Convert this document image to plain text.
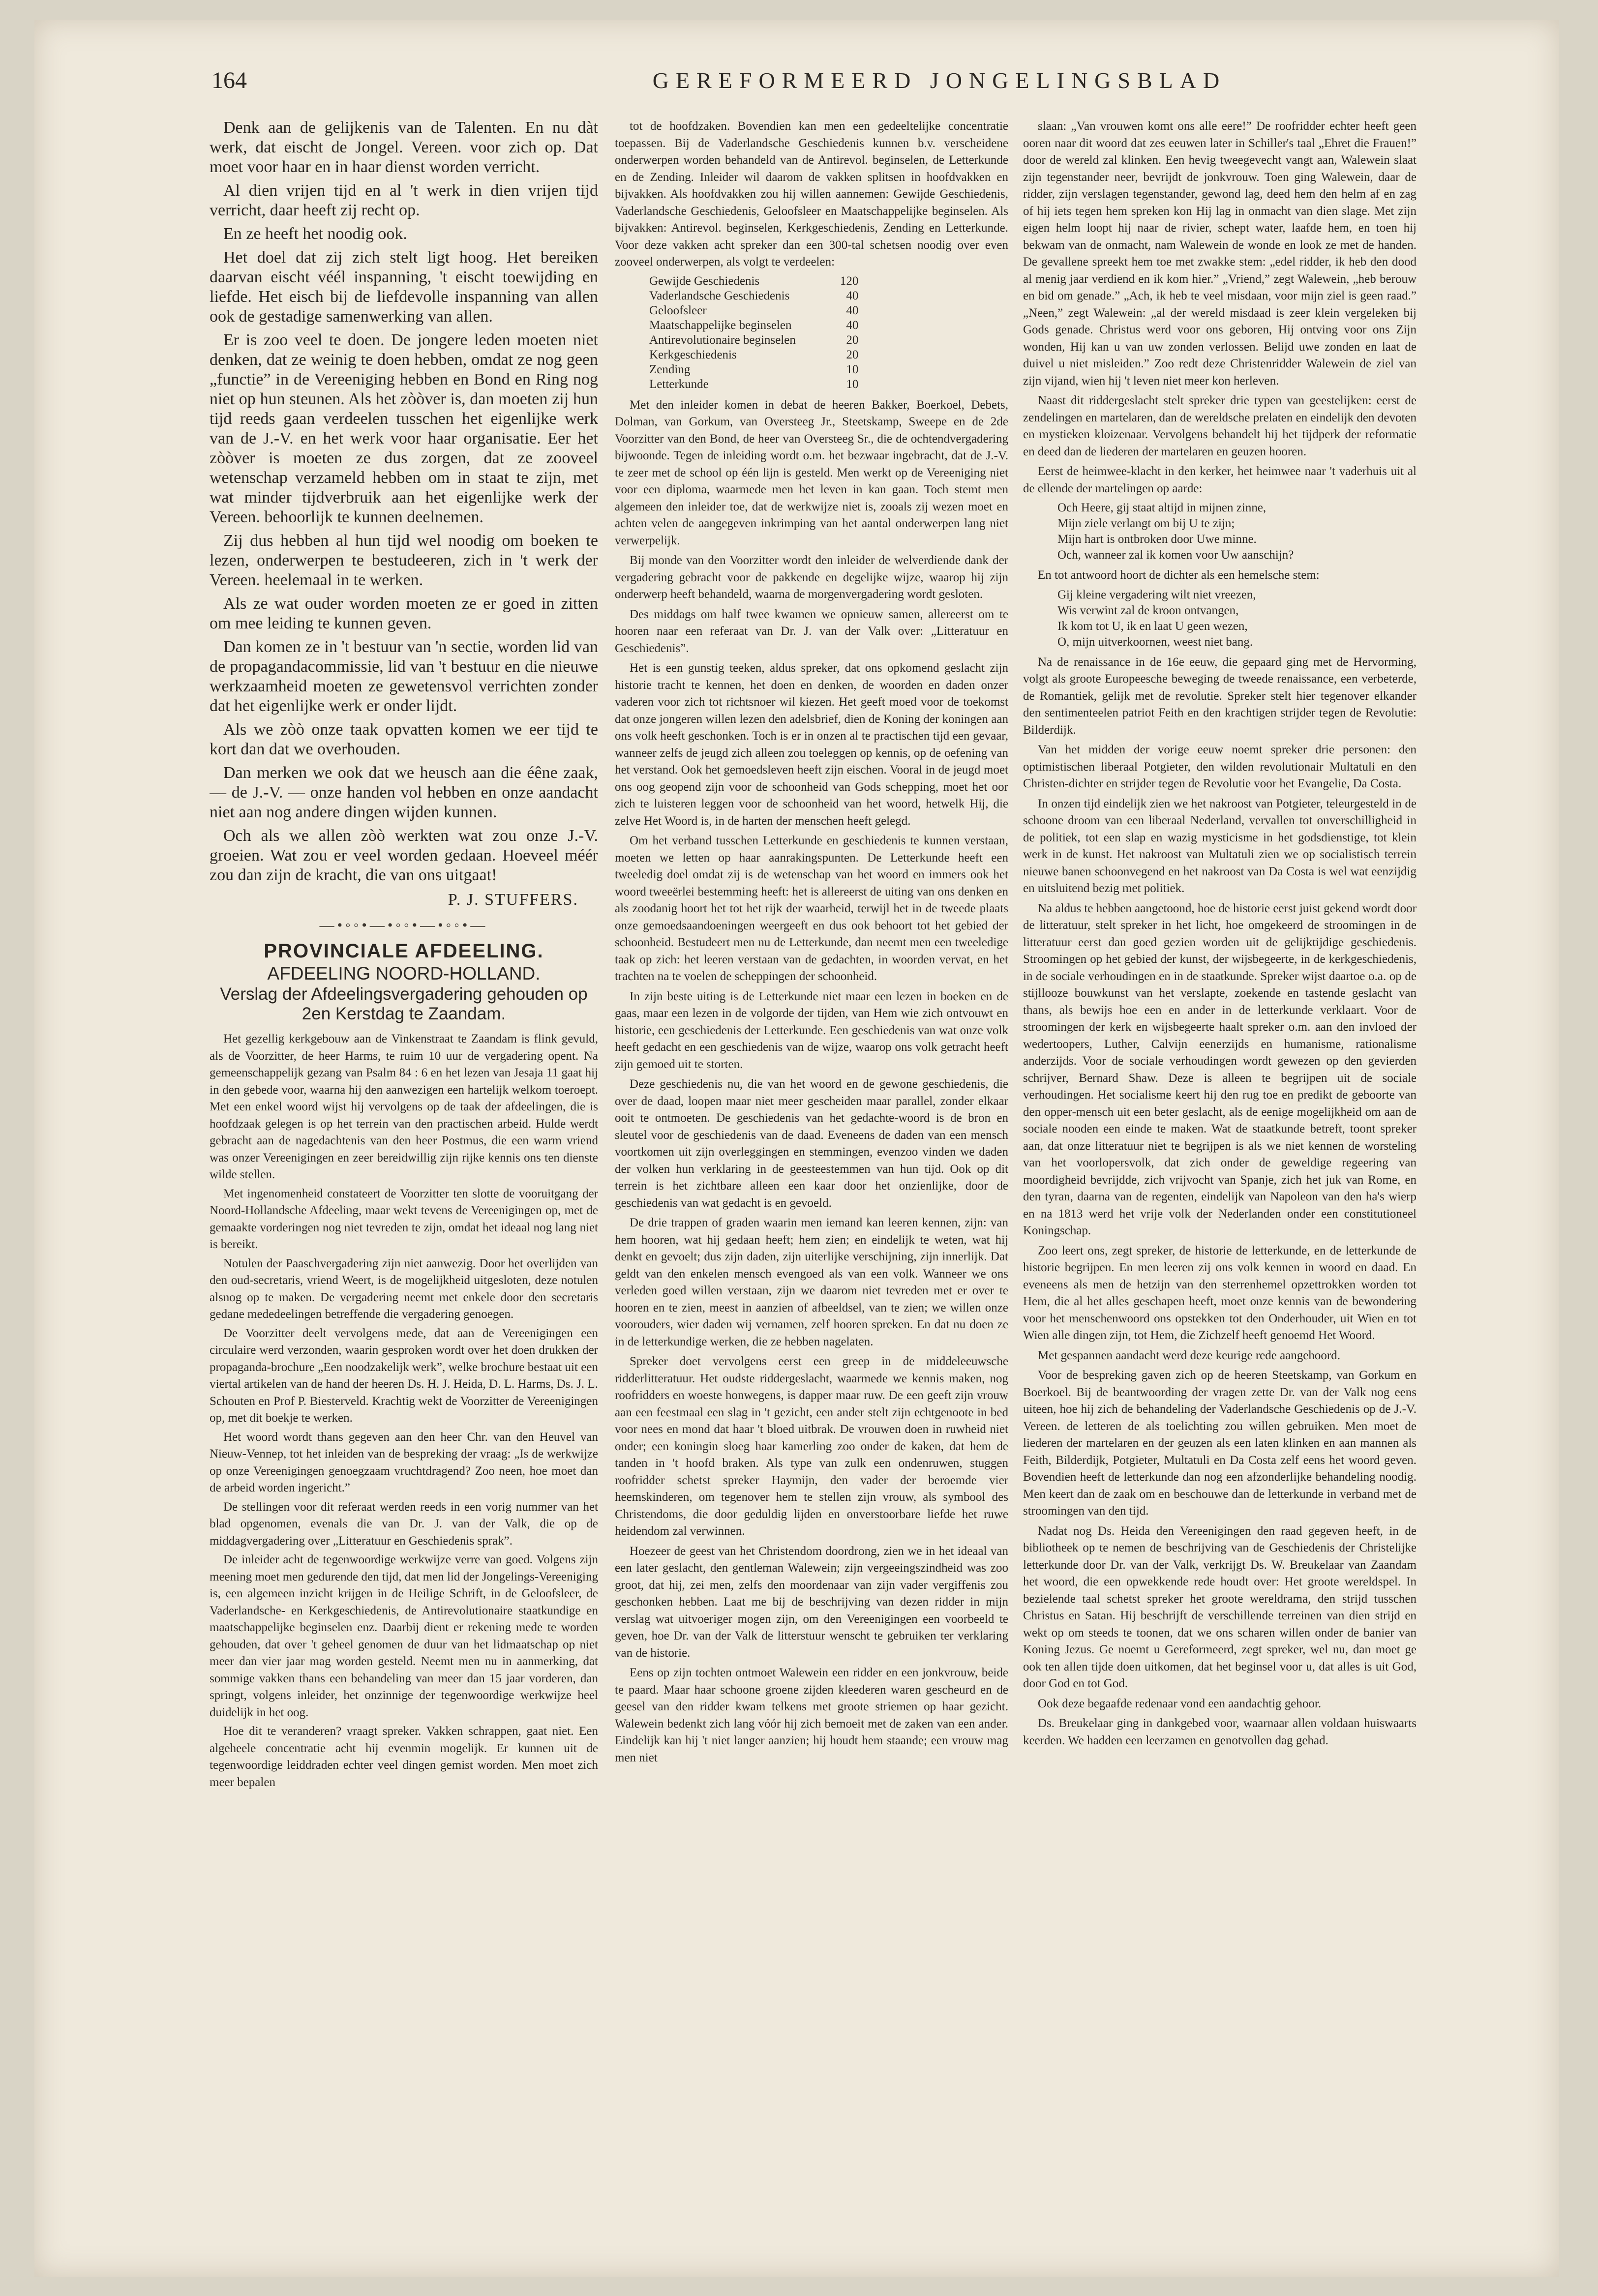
164	GEREFORMEERD JONGELINGSBLAD

Denk aan de gelijkenis van de Talenten. En nu dàt werk, dat eischt de Jongel. Vereen. voor zich op. Dat moet voor haar en in haar dienst worden verricht.

Al dien vrijen tijd en al 't werk in dien vrijen tijd verricht, daar heeft zij recht op.

En ze heeft het noodig ook.

Het doel dat zij zich stelt ligt hoog. Het bereiken daarvan eischt véél inspanning, 't eischt toewijding en liefde. Het eisch bij de liefdevolle inspanning van allen ook de gestadige samenwerking van allen.

Er is zoo veel te doen. De jongere leden moeten niet denken, dat ze weinig te doen hebben, omdat ze nog geen „functie” in de Vereeniging hebben en Bond en Ring nog niet op hun steunen. Als het zòòver is, dan moeten zij hun tijd reeds gaan verdeelen tusschen het eigenlijke werk van de J.-V. en het werk voor haar organisatie. Eer het zòòver is moeten ze dus zorgen, dat ze zooveel wetenschap verzameld hebben om in staat te zijn, met wat minder tijdverbruik aan het eigenlijke werk der Vereen. behoorlijk te kunnen deelnemen.

Zij dus hebben al hun tijd wel noodig om boeken te lezen, onderwerpen te bestudeeren, zich in 't werk der Vereen. heelemaal in te werken.

Als ze wat ouder worden moeten ze er goed in zitten om mee leiding te kunnen geven.

Dan komen ze in 't bestuur van 'n sectie, worden lid van de propagandacommissie, lid van 't bestuur en die nieuwe werkzaamheid moeten ze gewetensvol verrichten zonder dat het eigenlijke werk er onder lijdt.

Als we zòò onze taak opvatten komen we eer tijd te kort dan dat we overhouden.

Dan merken we ook dat we heusch aan die éêne zaak, — de J.-V. — onze handen vol hebben en onze aandacht niet aan nog andere dingen wijden kunnen.

Och als we allen zòò werkten wat zou onze J.-V. groeien. Wat zou er veel worden gedaan. Hoeveel méér zou dan zijn de kracht, die van ons uitgaat!

P. J. STUFFERS.
—•◦◦•—•◦◦•—•◦◦•—
PROVINCIALE AFDEELING.
AFDEELING NOORD-HOLLAND.
Verslag der Afdeelingsvergadering gehouden op 2en Kerstdag te Zaandam.

Het gezellig kerkgebouw aan de Vinkenstraat te Zaandam is flink gevuld, als de Voorzitter, de heer Harms, te ruim 10 uur de vergadering opent. Na gemeenschappelijk gezang van Psalm 84 : 6 en het lezen van Jesaja 11 gaat hij in den gebede voor, waarna hij den aanwezigen een hartelijk welkom toeroept. Met een enkel woord wijst hij vervolgens op de taak der afdeelingen, die is hoofdzaak gelegen is op het terrein van den practischen arbeid. Hulde werdt gebracht aan de nagedachtenis van den heer Postmus, die een warm vriend was onzer Vereenigingen en zeer bereidwillig zijn rijke kennis ons ten dienste wilde stellen.

Met ingenomenheid constateert de Voorzitter ten slotte de vooruitgang der Noord-Hollandsche Afdeeling, maar wekt tevens de Vereenigingen op, met de gemaakte vorderingen nog niet tevreden te zijn, omdat het ideaal nog lang niet is bereikt.

Notulen der Paaschvergadering zijn niet aanwezig. Door het overlijden van den oud-secretaris, vriend Weert, is de mogelijkheid uitgesloten, deze notulen alsnog op te maken. De vergadering neemt met enkele door den secretaris gedane mededeelingen betreffende die vergadering genoegen.

De Voorzitter deelt vervolgens mede, dat aan de Vereenigingen een circulaire werd verzonden, waarin gesproken wordt over het doen drukken der propaganda-brochure „Een noodzakelijk werk”, welke brochure bestaat uit een viertal artikelen van de hand der heeren Ds. H. J. Heida, D. L. Harms, Ds. J. L. Schouten en Prof P. Biesterveld. Krachtig wekt de Voorzitter de Vereenigingen op, met dit boekje te werken.

Het woord wordt thans gegeven aan den heer Chr. van den Heuvel van Nieuw-Vennep, tot het inleiden van de bespreking der vraag: „Is de werkwijze op onze Vereenigingen genoegzaam vruchtdragend? Zoo neen, hoe moet dan de arbeid worden ingericht.”

De stellingen voor dit referaat werden reeds in een vorig nummer van het blad opgenomen, evenals die van Dr. J. van der Valk, die op de middagvergadering over „Litteratuur en Geschiedenis sprak”.

De inleider acht de tegenwoordige werkwijze verre van goed. Volgens zijn meening moet men gedurende den tijd, dat men lid der Jongelings-Vereeniging is, een algemeen inzicht krijgen in de Heilige Schrift, in de Geloofsleer, de Vaderlandsche- en Kerkgeschiedenis, de Antirevolutionaire staatkundige en maatschappelijke beginselen enz. Daarbij dient er rekening mede te worden gehouden, dat over 't geheel genomen de duur van het lidmaatschap op niet meer dan vier jaar mag worden gesteld. Neemt men nu in aanmerking, dat sommige vakken thans een behandeling van meer dan 15 jaar vorderen, dan springt, volgens inleider, het onzinnige der tegenwoordige werkwijze heel duidelijk in het oog.

Hoe dit te veranderen? vraagt spreker. Vakken schrappen, gaat niet. Een algeheele concentratie acht hij evenmin mogelijk. Er kunnen uit de tegenwoordige leiddraden echter veel dingen gemist worden. Men moet zich meer bepalen

tot de hoofdzaken. Bovendien kan men een gedeeltelijke concentratie toepassen. Bij de Vaderlandsche Geschiedenis kunnen b.v. verscheidene onderwerpen worden behandeld van de Antirevol. beginselen, de Letterkunde en de Zending. Inleider wil daarom de vakken splitsen in hoofdvakken en bijvakken. Als hoofdvakken zou hij willen aannemen: Gewijde Geschiedenis, Vaderlandsche Geschiedenis, Geloofsleer en Maatschappelijke beginselen. Als bijvakken: Antirevol. beginselen, Kerkgeschiedenis, Zending en Letterkunde. Voor deze vakken acht spreker dan een 300-tal schetsen noodig over even zooveel onderwerpen, als volgt te verdeelen:

Gewijde Geschiedenis	120
Vaderlandsche Geschiedenis	40
Geloofsleer	40
Maatschappelijke beginselen	40
Antirevolutionaire beginselen	20
Kerkgeschiedenis	20
Zending	10
Letterkunde	10

Met den inleider komen in debat de heeren Bakker, Boerkoel, Debets, Dolman, van Gorkum, van Oversteeg Jr., Steetskamp, Sweepe en de 2de Voorzitter van den Bond, de heer van Oversteeg Sr., die de ochtendvergadering bijwoonde. Tegen de inleiding wordt o.m. het bezwaar ingebracht, dat de J.-V. te zeer met de school op één lijn is gesteld. Men werkt op de Vereeniging niet voor een diploma, waarmede men het leven in kan gaan. Toch stemt men algemeen den inleider toe, dat de werkwijze niet is, zooals zij wezen moet en achten velen de aangegeven inkrimping van het aantal onderwerpen lang niet verwerpelijk.

Bij monde van den Voorzitter wordt den inleider de welverdiende dank der vergadering gebracht voor de pakkende en degelijke wijze, waarop hij zijn onderwerp heeft behandeld, waarna de morgenvergadering wordt gesloten.

Des middags om half twee kwamen we opnieuw samen, allereerst om te hooren naar een referaat van Dr. J. van der Valk over: „Litteratuur en Geschiedenis”.

Het is een gunstig teeken, aldus spreker, dat ons opkomend geslacht zijn historie tracht te kennen, het doen en denken, de woorden en daden onzer vaderen voor zich tot richtsnoer wil kiezen. Het geeft moed voor de toekomst dat onze jongeren willen lezen den adelsbrief, dien de Koning der koningen aan ons volk heeft geschonken. Toch is er in onzen al te practischen tijd een gevaar, wanneer zelfs de jeugd zich alleen zou toeleggen op kennis, op de oefening van het verstand. Ook het gemoedsleven heeft zijn eischen. Vooral in de jeugd moet ons oog geopend zijn voor de schoonheid van Gods schepping, moet het oor zich te luisteren leggen voor de schoonheid van het woord, hetwelk Hij, die zelve Het Woord is, in de harten der menschen heeft gelegd.

Om het verband tusschen Letterkunde en geschiedenis te kunnen verstaan, moeten we letten op haar aanrakingspunten. De Letterkunde heeft een tweeledig doel omdat zij is de wetenschap van het woord en immers ook het woord tweeërlei bestemming heeft: het is allereerst de uiting van ons denken en als zoodanig hoort het tot het rijk der waarheid, terwijl het in de tweede plaats onze gemoedsaandoeningen weergeeft en dus ook behoort tot het gebied der schoonheid. Bestudeert men nu de Letterkunde, dan neemt men een tweeledige taak op zich: het leeren verstaan van de gedachten, in woorden vervat, en het trachten na te voelen de scheppingen der schoonheid.

In zijn beste uiting is de Letterkunde niet maar een lezen in boeken en de gaas, maar een lezen in de volgorde der tijden, van Hem wie zich ontvouwt en historie, een geschiedenis der Letterkunde. Een geschiedenis van wat onze volk heeft gedacht en een geschiedenis van de wijze, waarop ons volk getracht heeft zijn gemoed uit te storten.

Deze geschiedenis nu, die van het woord en de gewone geschiedenis, die over de daad, loopen maar niet meer gescheiden maar parallel, zonder elkaar ooit te ontmoeten. De geschiedenis van het gedachte-woord is de bron en sleutel voor de geschiedenis van de daad. Eveneens de daden van een mensch voortkomen uit zijn overleggingen en stemmingen, evenzoo vinden we daden der volken hun verklaring in de geesteestemmen van hun tijd. Ook op dit terrein is het zichtbare alleen een kaar door het onzienlijke, door de geschiedenis van wat gedacht is en gevoeld.

De drie trappen of graden waarin men iemand kan leeren kennen, zijn: van hem hooren, wat hij gedaan heeft; hem zien; en eindelijk te weten, wat hij denkt en gevoelt; dus zijn daden, zijn uiterlijke verschijning, zijn innerlijk. Dat geldt van den enkelen mensch evengoed als van een volk. Wanneer we ons verleden goed willen verstaan, zijn we daarom niet tevreden met er over te hooren en te zien, meest in aanzien of afbeeldsel, van te zien; we willen onze voorouders, wier daden wij vernamen, zelf hooren spreken. En dat nu doen ze in de letterkundige werken, die ze hebben nagelaten.

Spreker doet vervolgens eerst een greep in de middeleeuwsche ridderlitteratuur. Het oudste riddergeslacht, waarmede we kennis maken, nog roofridders en woeste honwegens, is dapper maar ruw. De een geeft zijn vrouw aan een feestmaal een slag in 't gezicht, een ander stelt zijn echtgenoote in bed voor nees en mond dat haar 't bloed uitbrak. De vrouwen doen in ruwheid niet onder; een koningin sloeg haar kamerling zoo onder de kaken, dat hem de tanden in 't hoofd braken. Als type van zulk een ondenruwen, stuggen roofridder schetst spreker Haymijn, den vader der beroemde vier heemskinderen, om tegenover hem te stellen zijn vrouw, als symbool des Christendoms, die door geduldig lijden en onverstoorbare liefde het ruwe heidendom zal verwinnen.

Hoezeer de geest van het Christendom doordrong, zien we in het ideaal van een later geslacht, den gentleman Walewein; zijn vergeeingszindheid was zoo groot, dat hij, zei men, zelfs den moordenaar van zijn vader vergiffenis zou geschonken hebben. Laat me bij de beschrijving van dezen ridder in mijn verslag wat uitvoeriger mogen zijn, om den Vereenigingen een voorbeeld te geven, hoe Dr. van der Valk de litterstuur wenscht te gebruiken ter verklaring van de historie.

Eens op zijn tochten ontmoet Walewein een ridder en een jonkvrouw, beide te paard. Maar haar schoone groene zijden kleederen waren gescheurd en de geesel van den ridder kwam telkens met groote striemen op haar gezicht. Walewein bedenkt zich lang vóór hij zich bemoeit met de zaken van een ander. Eindelijk kan hij 't niet langer aanzien; hij houdt hem staande; een vrouw mag men niet

slaan: „Van vrouwen komt ons alle eere!” De roofridder echter heeft geen ooren naar dit woord dat zes eeuwen later in Schiller's taal „Ehret die Frauen!” door de wereld zal klinken. Een hevig tweegevecht vangt aan, Walewein slaat zijn tegenstander neer, bevrijdt de jonkvrouw. Toen ging Walewein, daar de ridder, zijn verslagen tegenstander, gewond lag, deed hem den helm af en zag of hij iets tegen hem spreken kon Hij lag in onmacht van dien slage. Met zijn eigen helm loopt hij naar de rivier, schept water, laafde hem, en toen hij bekwam van de onmacht, nam Walewein de wonde en look ze met de handen. De gevallene spreekt hem toe met zwakke stem: „edel ridder, ik heb den dood al menig jaar verdiend en ik kom hier.” „Vriend,” zegt Walewein, „heb berouw en bid om genade.” „Ach, ik heb te veel misdaan, voor mijn ziel is geen raad.” „Neen,” zegt Walewein: „al der wereld misdaad is zeer klein vergeleken bij Gods genade. Christus werd voor ons geboren, Hij ontving voor ons Zijn wonden, Hij kan u van uw zonden verlossen. Belijd uwe zonden en laat de duivel u niet misleiden.” Zoo redt deze Christenridder Walewein de ziel van zijn vijand, wien hij 't leven niet meer kon herleven.

Naast dit riddergeslacht stelt spreker drie typen van geestelijken: eerst de zendelingen en martelaren, dan de wereldsche prelaten en eindelijk den devoten en mystieken kloizenaar. Vervolgens behandelt hij het tijdperk der reformatie en deed dan de liederen der martelaren en geuzen hooren.

Eerst de heimwee-klacht in den kerker, het heimwee naar 't vaderhuis uit al de ellende der martelingen op aarde:

Och Heere, gij staat altijd in mijnen zinne,
Mijn ziele verlangt om bij U te zijn;
Mijn hart is ontbroken door Uwe minne.
Och, wanneer zal ik komen voor Uw aanschijn?

En tot antwoord hoort de dichter als een hemelsche stem:

Gij kleine vergadering wilt niet vreezen,
Wis verwint zal de kroon ontvangen,
Ik kom tot U, ik en laat U geen wezen,
O, mijn uitverkoornen, weest niet bang.

Na de renaissance in de 16e eeuw, die gepaard ging met de Hervorming, volgt als groote Europeesche beweging de tweede renaissance, een verbeterde, de Romantiek, gelijk met de revolutie. Spreker stelt hier tegenover elkander den sentimenteelen patriot Feith en den krachtigen strijder tegen de Revolutie: Bilderdijk.

Van het midden der vorige eeuw noemt spreker drie personen: den optimistischen liberaal Potgieter, den wilden revolutionair Multatuli en den Christen-dichter en strijder tegen de Revolutie voor het Evangelie, Da Costa.

In onzen tijd eindelijk zien we het nakroost van Potgieter, teleurgesteld in de schoone droom van een liberaal Nederland, vervallen tot onverschilligheid in de politiek, tot een slap en wazig mysticisme in het godsdienstige, tot klein werk in de kunst. Het nakroost van Multatuli zien we op socialistisch terrein nieuwe banen schoonvegend en het nakroost van Da Costa is wel wat eenzijdig en uitsluitend bezig met politiek.

Na aldus te hebben aangetoond, hoe de historie eerst juist gekend wordt door de litteratuur, stelt spreker in het licht, hoe omgekeerd de stroomingen in de litteratuur eerst dan goed gezien worden uit de gelijktijdige geschiedenis. Stroomingen op het gebied der kunst, der wijsbegeerte, in de kerkgeschiedenis, in de sociale verhoudingen en in de staatkunde. Spreker wijst daartoe o.a. op de stijllooze bouwkunst van het verslapte, zoekende en tastende geslacht van thans, als bewijs hoe een en ander in de letterkunde verklaart. Voor de stroomingen der kerk en wijsbegeerte haalt spreker o.m. aan den invloed der wedertoopers, Luther, Calvijn eenerzijds en humanisme, rationalisme anderzijds. Voor de sociale verhoudingen wordt gewezen op den gevierden schrijver, Bernard Shaw. Deze is alleen te begrijpen uit de sociale verhoudingen. Het socialisme keert hij den rug toe en predikt de geboorte van den opper-mensch uit een beter geslacht, als de eenige mogelijkheid om aan de sociale nooden een einde te maken. Wat de staatkunde betreft, toont spreker aan, dat onze litteratuur niet te begrijpen is als we niet kennen de worsteling van het voorlopersvolk, dat zich onder de geweldige regeering van moordigheid bevrijdde, zich vrijvocht van Spanje, zich het juk van Rome, en den tyran, daarna van de regenten, eindelijk van Napoleon van den ha's wierp en na 1813 werd het vrije volk der Nederlanden onder een constitutioneel Koningschap.

Zoo leert ons, zegt spreker, de historie de letterkunde, en de letterkunde de historie begrijpen. En men leeren zij ons volk kennen in woord en daad. En eveneens als men de hetzijn van den sterrenhemel opzettrokken worden tot Hem, die al het alles geschapen heeft, moet onze kennis van de bewondering voor het menschenwoord ons opstekken tot den Onderhouder, uit Wien en tot Wien alle dingen zijn, tot Hem, die Zichzelf heeft genoemd Het Woord.

Met gespannen aandacht werd deze keurige rede aangehoord.

Voor de bespreking gaven zich op de heeren Steetskamp, van Gorkum en Boerkoel. Bij de beantwoording der vragen zette Dr. van der Valk nog eens uiteen, hoe hij zich de behandeling der Vaderlandsche Geschiedenis op de J.-V. Vereen. de letteren de als toelichting zou willen gebruiken. Men moet de liederen der martelaren en der geuzen als een laten klinken en aan mannen als Feith, Bilderdijk, Potgieter, Multatuli en Da Costa zelf eens het woord geven. Bovendien heeft de letterkunde dan nog een afzonderlijke behandeling noodig. Men keert dan de zaak om en beschouwe dan de letterkunde in verband met de stroomingen van den tijd.

Nadat nog Ds. Heida den Vereenigingen den raad gegeven heeft, in de bibliotheek op te nemen de beschrijving van de Geschiedenis der Christelijke letterkunde door Dr. van der Valk, verkrijgt Ds. W. Breukelaar van Zaandam het woord, die een opwekkende rede houdt over: Het groote wereldspel. In bezielende taal schetst spreker het groote wereldrama, den strijd tusschen Christus en Satan. Hij beschrijft de verschillende terreinen van dien strijd en wekt op om steeds te toonen, dat we ons scharen willen onder de banier van Koning Jezus. Ge noemt u Gereformeerd, zegt spreker, wel nu, dan moet ge ook ten allen tijde doen uitkomen, dat het beginsel voor u, dat alles is uit God, door God en tot God.

Ook deze begaafde redenaar vond een aandachtig gehoor.

Ds. Breukelaar ging in dankgebed voor, waarnaar allen voldaan huiswaarts keerden. We hadden een leerzamen en genotvollen dag gehad.
